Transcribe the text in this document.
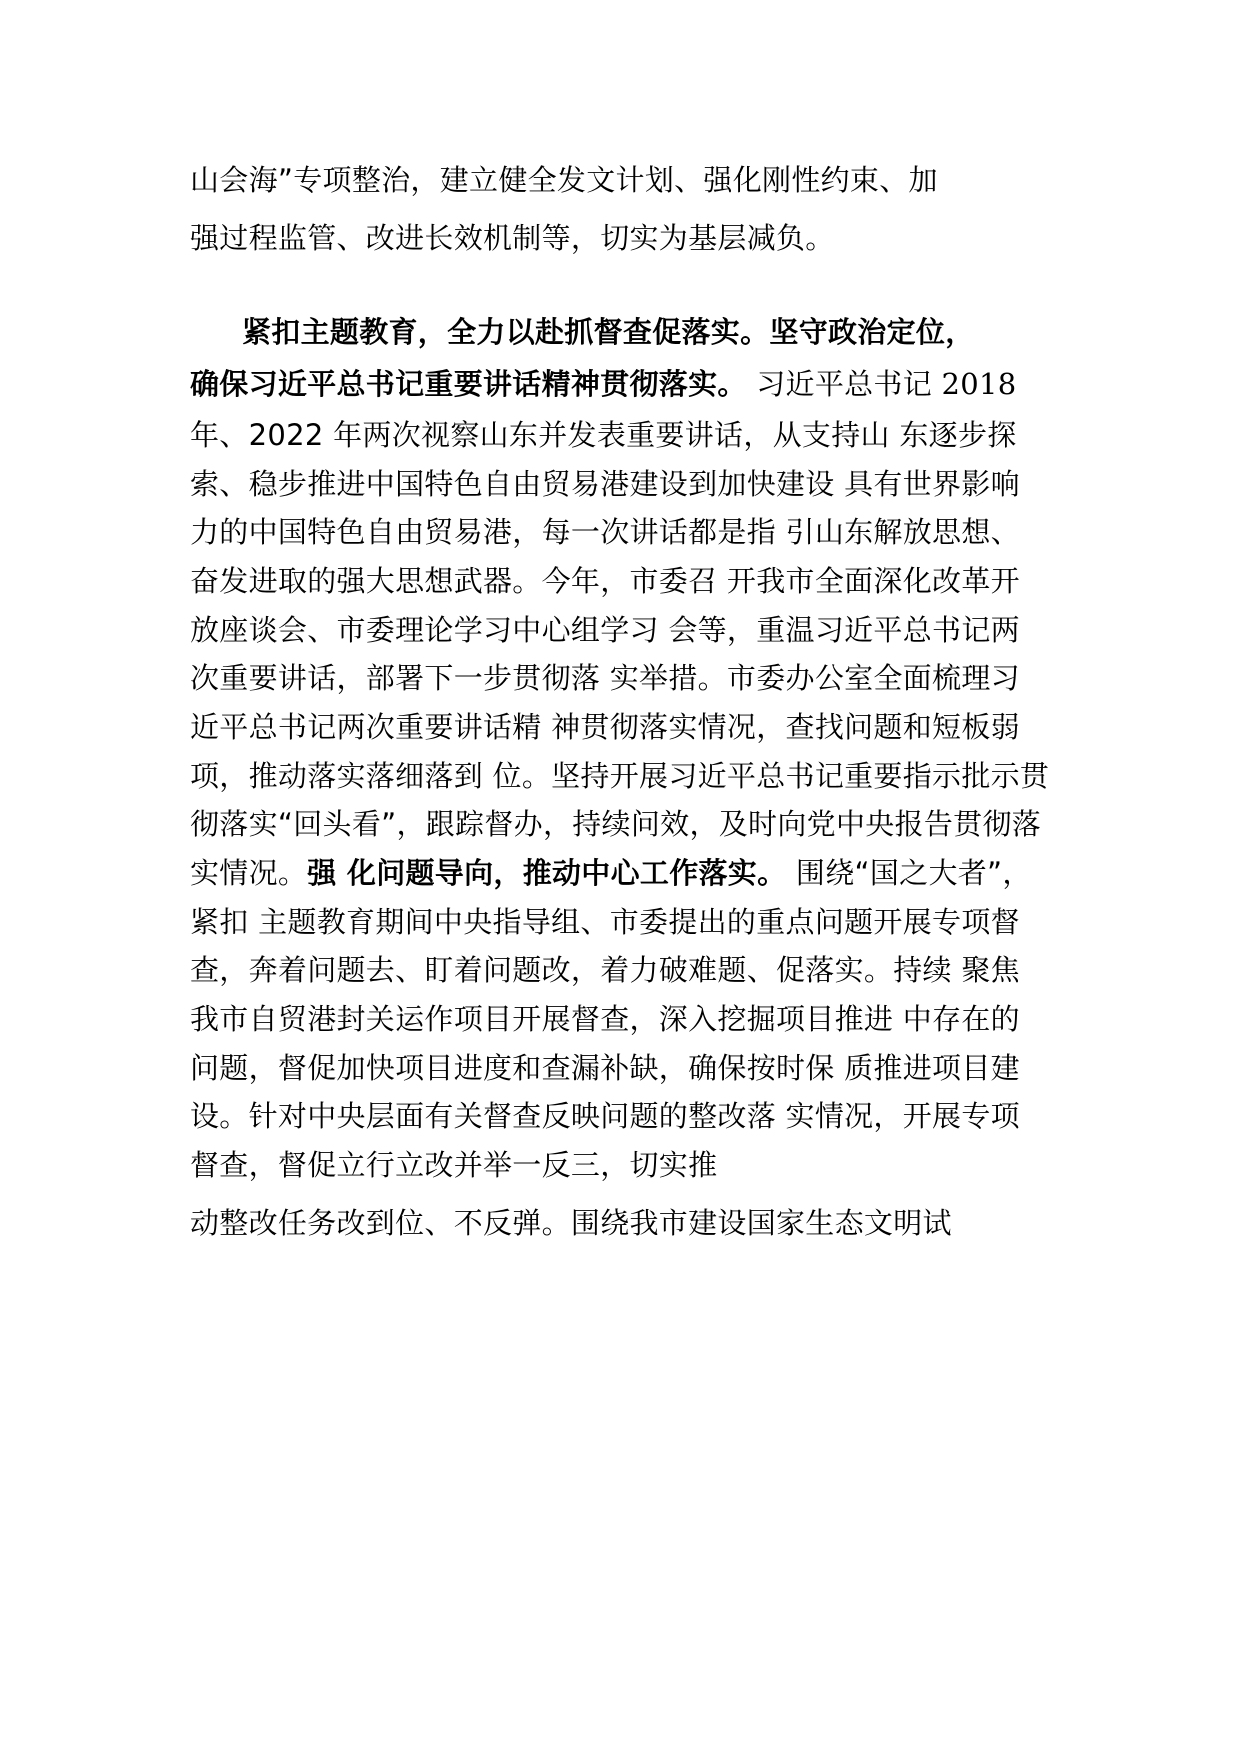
山会海”专项整治，建立健全发文计划、强化刚性约束、加

强过程监管、改进长效机制等，切实为基层减负。

紧扣主题教育，全力以赴抓督查促落实。坚守政治定位，

确保习近平总书记重要讲话精神贯彻落实。 习近平总书记 2018

年、2022 年两次视察山东并发表重要讲话，从支持山 东逐步探

索、稳步推进中国特色自由贸易港建设到加快建设 具有世界影响

力的中国特色自由贸易港，每一次讲话都是指 引山东解放思想、

奋发进取的强大思想武器。今年，市委召 开我市全面深化改革开

放座谈会、市委理论学习中心组学习 会等，重温习近平总书记两

次重要讲话，部署下一步贯彻落 实举措。市委办公室全面梳理习

近平总书记两次重要讲话精 神贯彻落实情况，查找问题和短板弱

项，推动落实落细落到 位。坚持开展习近平总书记重要指示批示贯

彻落实“回头看”，跟踪督办，持续问效，及时向党中央报告贯彻落

实情况。强 化问题导向，推动中心工作落实。 围绕“国之大者”，

紧扣 主题教育期间中央指导组、市委提出的重点问题开展专项督

查，奔着问题去、盯着问题改，着力破难题、促落实。持续 聚焦

我市自贸港封关运作项目开展督查，深入挖掘项目推进 中存在的

问题，督促加快项目进度和查漏补缺，确保按时保 质推进项目建

设。针对中央层面有关督查反映问题的整改落 实情况，开展专项

督查，督促立行立改并举一反三，切实推

动整改任务改到位、不反弹。围绕我市建设国家生态文明试
